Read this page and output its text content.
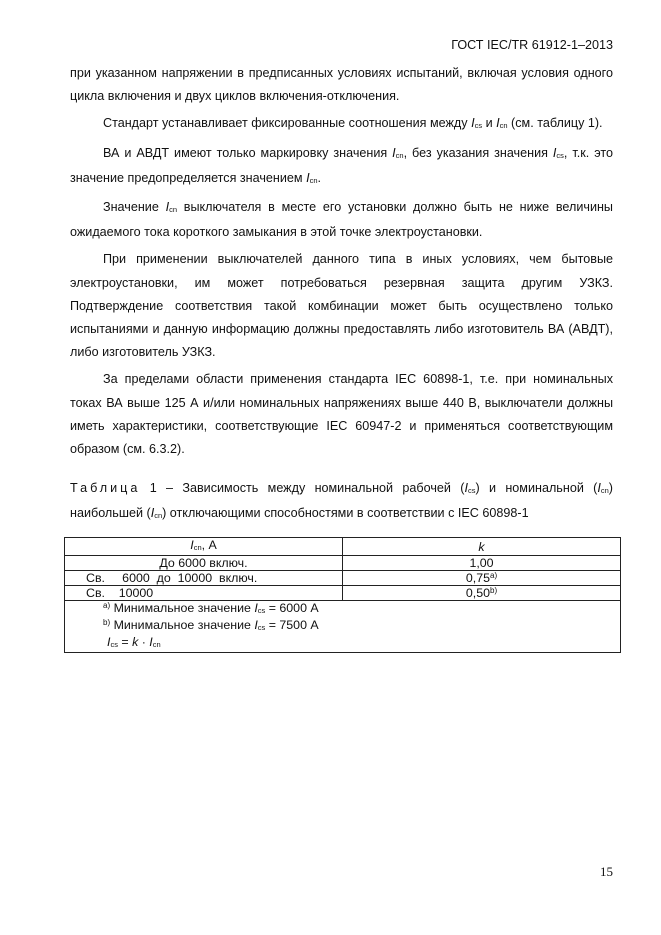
ГОСТ IEC/TR 61912-1–2013

при указанном напряжении в предписанных условиях испытаний, включая условия одного цикла включения и двух циклов включения-отключения.

Стандарт устанавливает фиксированные соотношения между $I_{cs}$ и $I_{cn}$ (см. таблицу 1).

ВА и АВДТ имеют только маркировку значения $I_{cn}$, без указания значения $I_{cs}$, т.к. это значение предопределяется значением $I_{cn}$.

Значение $I_{cn}$ выключателя в месте его установки должно быть не ниже величины ожидаемого тока короткого замыкания в этой точке электроустановки.

При применении выключателей данного типа в иных условиях, чем бытовые электроустановки, им может потребоваться резервная защита другим УЗКЗ. Подтверждение соответствия такой комбинации может быть осуществлено только испытаниями и данную информацию должны предоставлять либо изготовитель ВА (АВДТ), либо изготовитель УЗКЗ.

За пределами области применения стандарта IEC 60898-1, т.е. при номинальных токах ВА выше 125 А и/или номинальных напряжениях выше 440 В, выключатели должны иметь характеристики, соответствующие IEC 60947-2 и применяться соответствующим образом (см. 6.3.2).

Таблица 1 – Зависимость между номинальной рабочей $(I_{cs})$ и номинальной $(I_{cn})$ наибольшей $(I_{cn})$ отключающими способностями в соответствии с IEC 60898-1
$I_{cn}$, А	k
До 6000 включ.	1,00
Св.     6000  до  10000  включ.	0,75$^{a)}$
Св.    10000	0,50$^{b)}$

$^{a)}$ Минимальное значение $I_{cs} = 6000$ А
$^{b)}$ Минимальное значение $I_{cs} = 7500$ А
$I_{cs} = k \cdot I_{cn}$
15
